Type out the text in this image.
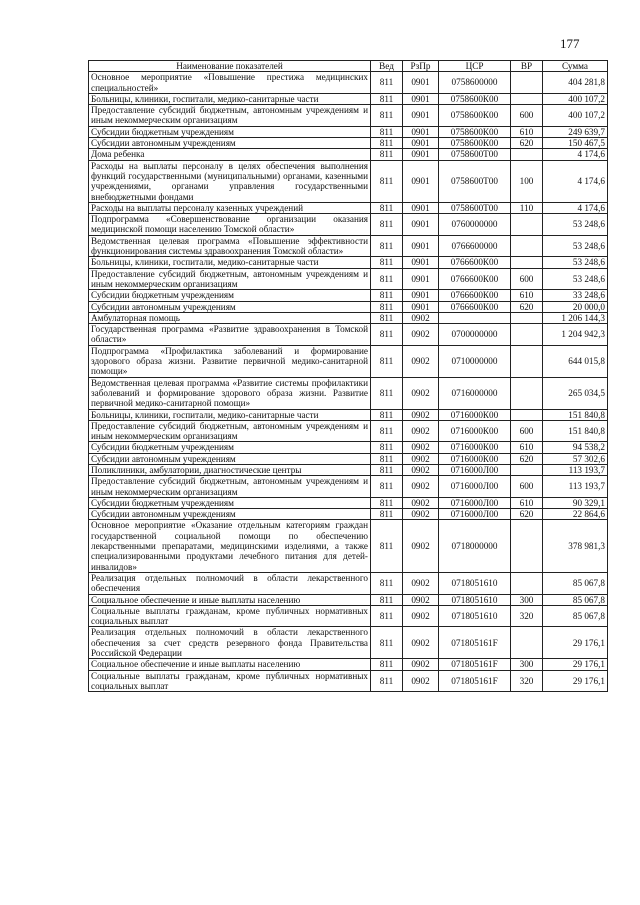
177
Наименование показателей	Вед	РзПр	ЦСР	ВР	Сумма
Основное мероприятие «Повышение престижа медицинских специальностей»	811	0901	0758600000		404 281,8
Больницы, клиники, госпитали, медико-санитарные части	811	0901	0758600К00		400 107,2
Предоставление субсидий бюджетным, автономным учреждениям и иным некоммерческим организациям	811	0901	0758600К00	600	400 107,2
Субсидии бюджетным учреждениям	811	0901	0758600К00	610	249 639,7
Субсидии автономным учреждениям	811	0901	0758600К00	620	150 467,5
Дома ребенка	811	0901	0758600Т00		4 174,6
Расходы на выплаты персоналу в целях обеспечения выполнения функций государственными (муниципальными) органами, казенными учреждениями, органами управления государственными внебюджетными фондами	811	0901	0758600Т00	100	4 174,6
Расходы на выплаты персоналу казенных учреждений	811	0901	0758600Т00	110	4 174,6
Подпрограмма «Совершенствование организации оказания медицинской помощи населению Томской области»	811	0901	0760000000		53 248,6
Ведомственная целевая программа «Повышение эффективности функционирования системы здравоохранения Томской области»	811	0901	0766600000		53 248,6
Больницы, клиники, госпитали, медико-санитарные части	811	0901	0766600К00		53 248,6
Предоставление субсидий бюджетным, автономным учреждениям и иным некоммерческим организациям	811	0901	0766600К00	600	53 248,6
Субсидии бюджетным учреждениям	811	0901	0766600К00	610	33 248,6
Субсидии автономным учреждениям	811	0901	0766600К00	620	20 000,0
Амбулаторная помощь	811	0902			1 206 144,3
Государственная программа «Развитие здравоохранения в Томской области»	811	0902	0700000000		1 204 942,3
Подпрограмма «Профилактика заболеваний и формирование здорового образа жизни. Развитие первичной медико-санитарной помощи»	811	0902	0710000000		644 015,8
Ведомственная целевая программа «Развитие системы профилактики заболеваний и формирование здорового образа жизни. Развитие первичной медико-санитарной помощи»	811	0902	0716000000		265 034,5
Больницы, клиники, госпитали, медико-санитарные части	811	0902	0716000К00		151 840,8
Предоставление субсидий бюджетным, автономным учреждениям и иным некоммерческим организациям	811	0902	0716000К00	600	151 840,8
Субсидии бюджетным учреждениям	811	0902	0716000К00	610	94 538,2
Субсидии автономным учреждениям	811	0902	0716000К00	620	57 302,6
Поликлиники, амбулатории, диагностические центры	811	0902	0716000Л00		113 193,7
Предоставление субсидий бюджетным, автономным учреждениям и иным некоммерческим организациям	811	0902	0716000Л00	600	113 193,7
Субсидии бюджетным учреждениям	811	0902	0716000Л00	610	90 329,1
Субсидии автономным учреждениям	811	0902	0716000Л00	620	22 864,6
Основное мероприятие «Оказание отдельным категориям граждан государственной социальной помощи по обеспечению лекарственными препаратами, медицинскими изделиями, а также специализированными продуктами лечебного питания для детей-инвалидов»	811	0902	0718000000		378 981,3
Реализация отдельных полномочий в области лекарственного обеспечения	811	0902	0718051610		85 067,8
Социальное обеспечение и иные выплаты населению	811	0902	0718051610	300	85 067,8
Социальные выплаты гражданам, кроме публичных нормативных социальных выплат	811	0902	0718051610	320	85 067,8
Реализация отдельных полномочий в области лекарственного обеспечения за счет средств резервного фонда Правительства Российской Федерации	811	0902	071805161F		29 176,1
Социальное обеспечение и иные выплаты населению	811	0902	071805161F	300	29 176,1
Социальные выплаты гражданам, кроме публичных нормативных социальных выплат	811	0902	071805161F	320	29 176,1
